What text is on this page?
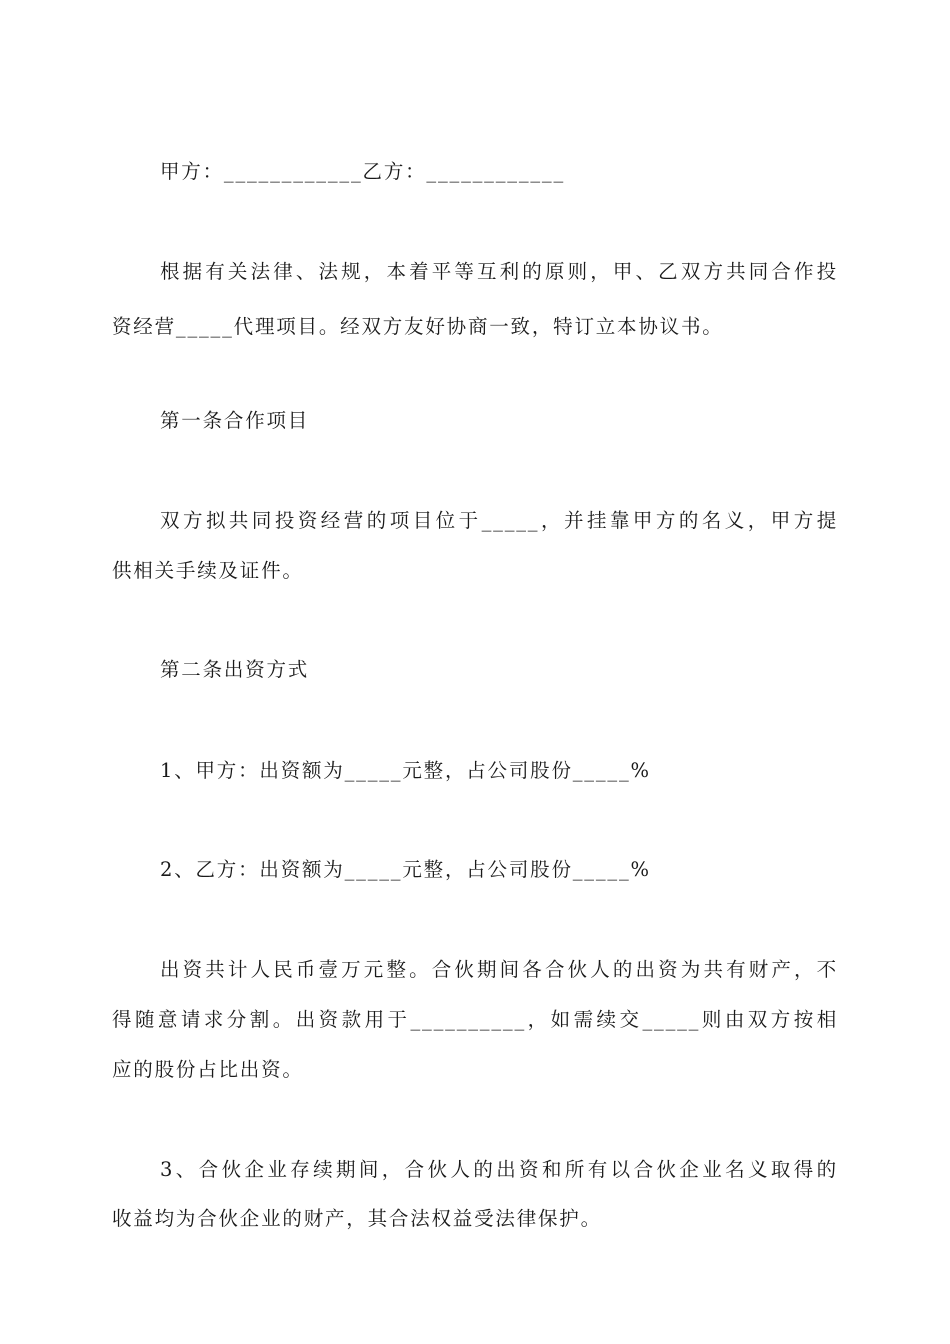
甲方：____________乙方：____________
根据有关法律、法规，本着平等互利的原则，甲、乙双方共同合作投
资经营_____代理项目。经双方友好协商一致，特订立本协议书。
第一条合作项目
双方拟共同投资经营的项目位于_____，并挂靠甲方的名义，甲方提
供相关手续及证件。
第二条出资方式
1、甲方：出资额为_____元整，占公司股份_____%
2、乙方：出资额为_____元整，占公司股份_____%
出资共计人民币壹万元整。合伙期间各合伙人的出资为共有财产，不
得随意请求分割。出资款用于__________，如需续交_____则由双方按相
应的股份占比出资。
3、合伙企业存续期间，合伙人的出资和所有以合伙企业名义取得的
收益均为合伙企业的财产，其合法权益受法律保护。
